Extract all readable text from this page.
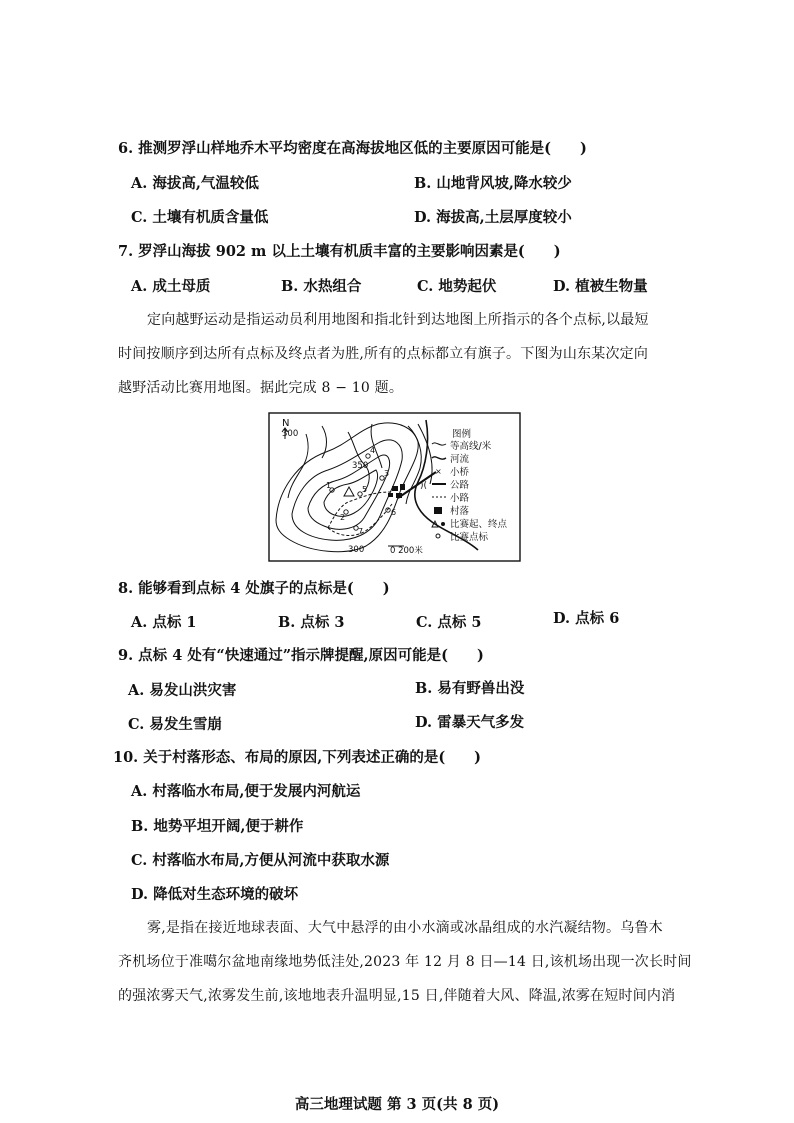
6. 推测罗浮山样地乔木平均密度在高海拔地区低的主要原因可能是(　　)
A. 海拔高,气温较低	B. 山地背风坡,降水较少
C. 土壤有机质含量低	D. 海拔高,土层厚度较小
7. 罗浮山海拔 902 m 以上土壤有机质丰富的主要影响因素是(　　)
A. 成土母质	B. 水热组合	C. 地势起伏	D. 植被生物量
定向越野运动是指运动员利用地图和指北针到达地图上所指示的各个点标,以最短
时间按顺序到达所有点标及终点者为胜,所有的点标都立有旗子。下图为山东某次定向
越野活动比赛用地图。据此完成 8 − 10 题。
N
)(
1
2
3
4
5
6
7
300
350
300	0 200米
图例
等高线/米
河流
× 小桥
公路
小路
村落
比赛起、终点
比赛点标
8. 能够看到点标 4 处旗子的点标是(　　)
A. 点标 1	B. 点标 3	C. 点标 5	D. 点标 6
9. 点标 4 处有“快速通过”指示牌提醒,原因可能是(　　)
A. 易发山洪灾害	B. 易有野兽出没
C. 易发生雪崩	D. 雷暴天气多发
10. 关于村落形态、布局的原因,下列表述正确的是(　　)
A. 村落临水布局,便于发展内河航运
B. 地势平坦开阔,便于耕作
C. 村落临水布局,方便从河流中获取水源
D. 降低对生态环境的破坏
雾,是指在接近地球表面、大气中悬浮的由小水滴或冰晶组成的水汽凝结物。乌鲁木
齐机场位于准噶尔盆地南缘地势低洼处,2023 年 12 月 8 日—14 日,该机场出现一次长时间
的强浓雾天气,浓雾发生前,该地地表升温明显,15 日,伴随着大风、降温,浓雾在短时间内消
高三地理试题 第 3 页(共 8 页)
